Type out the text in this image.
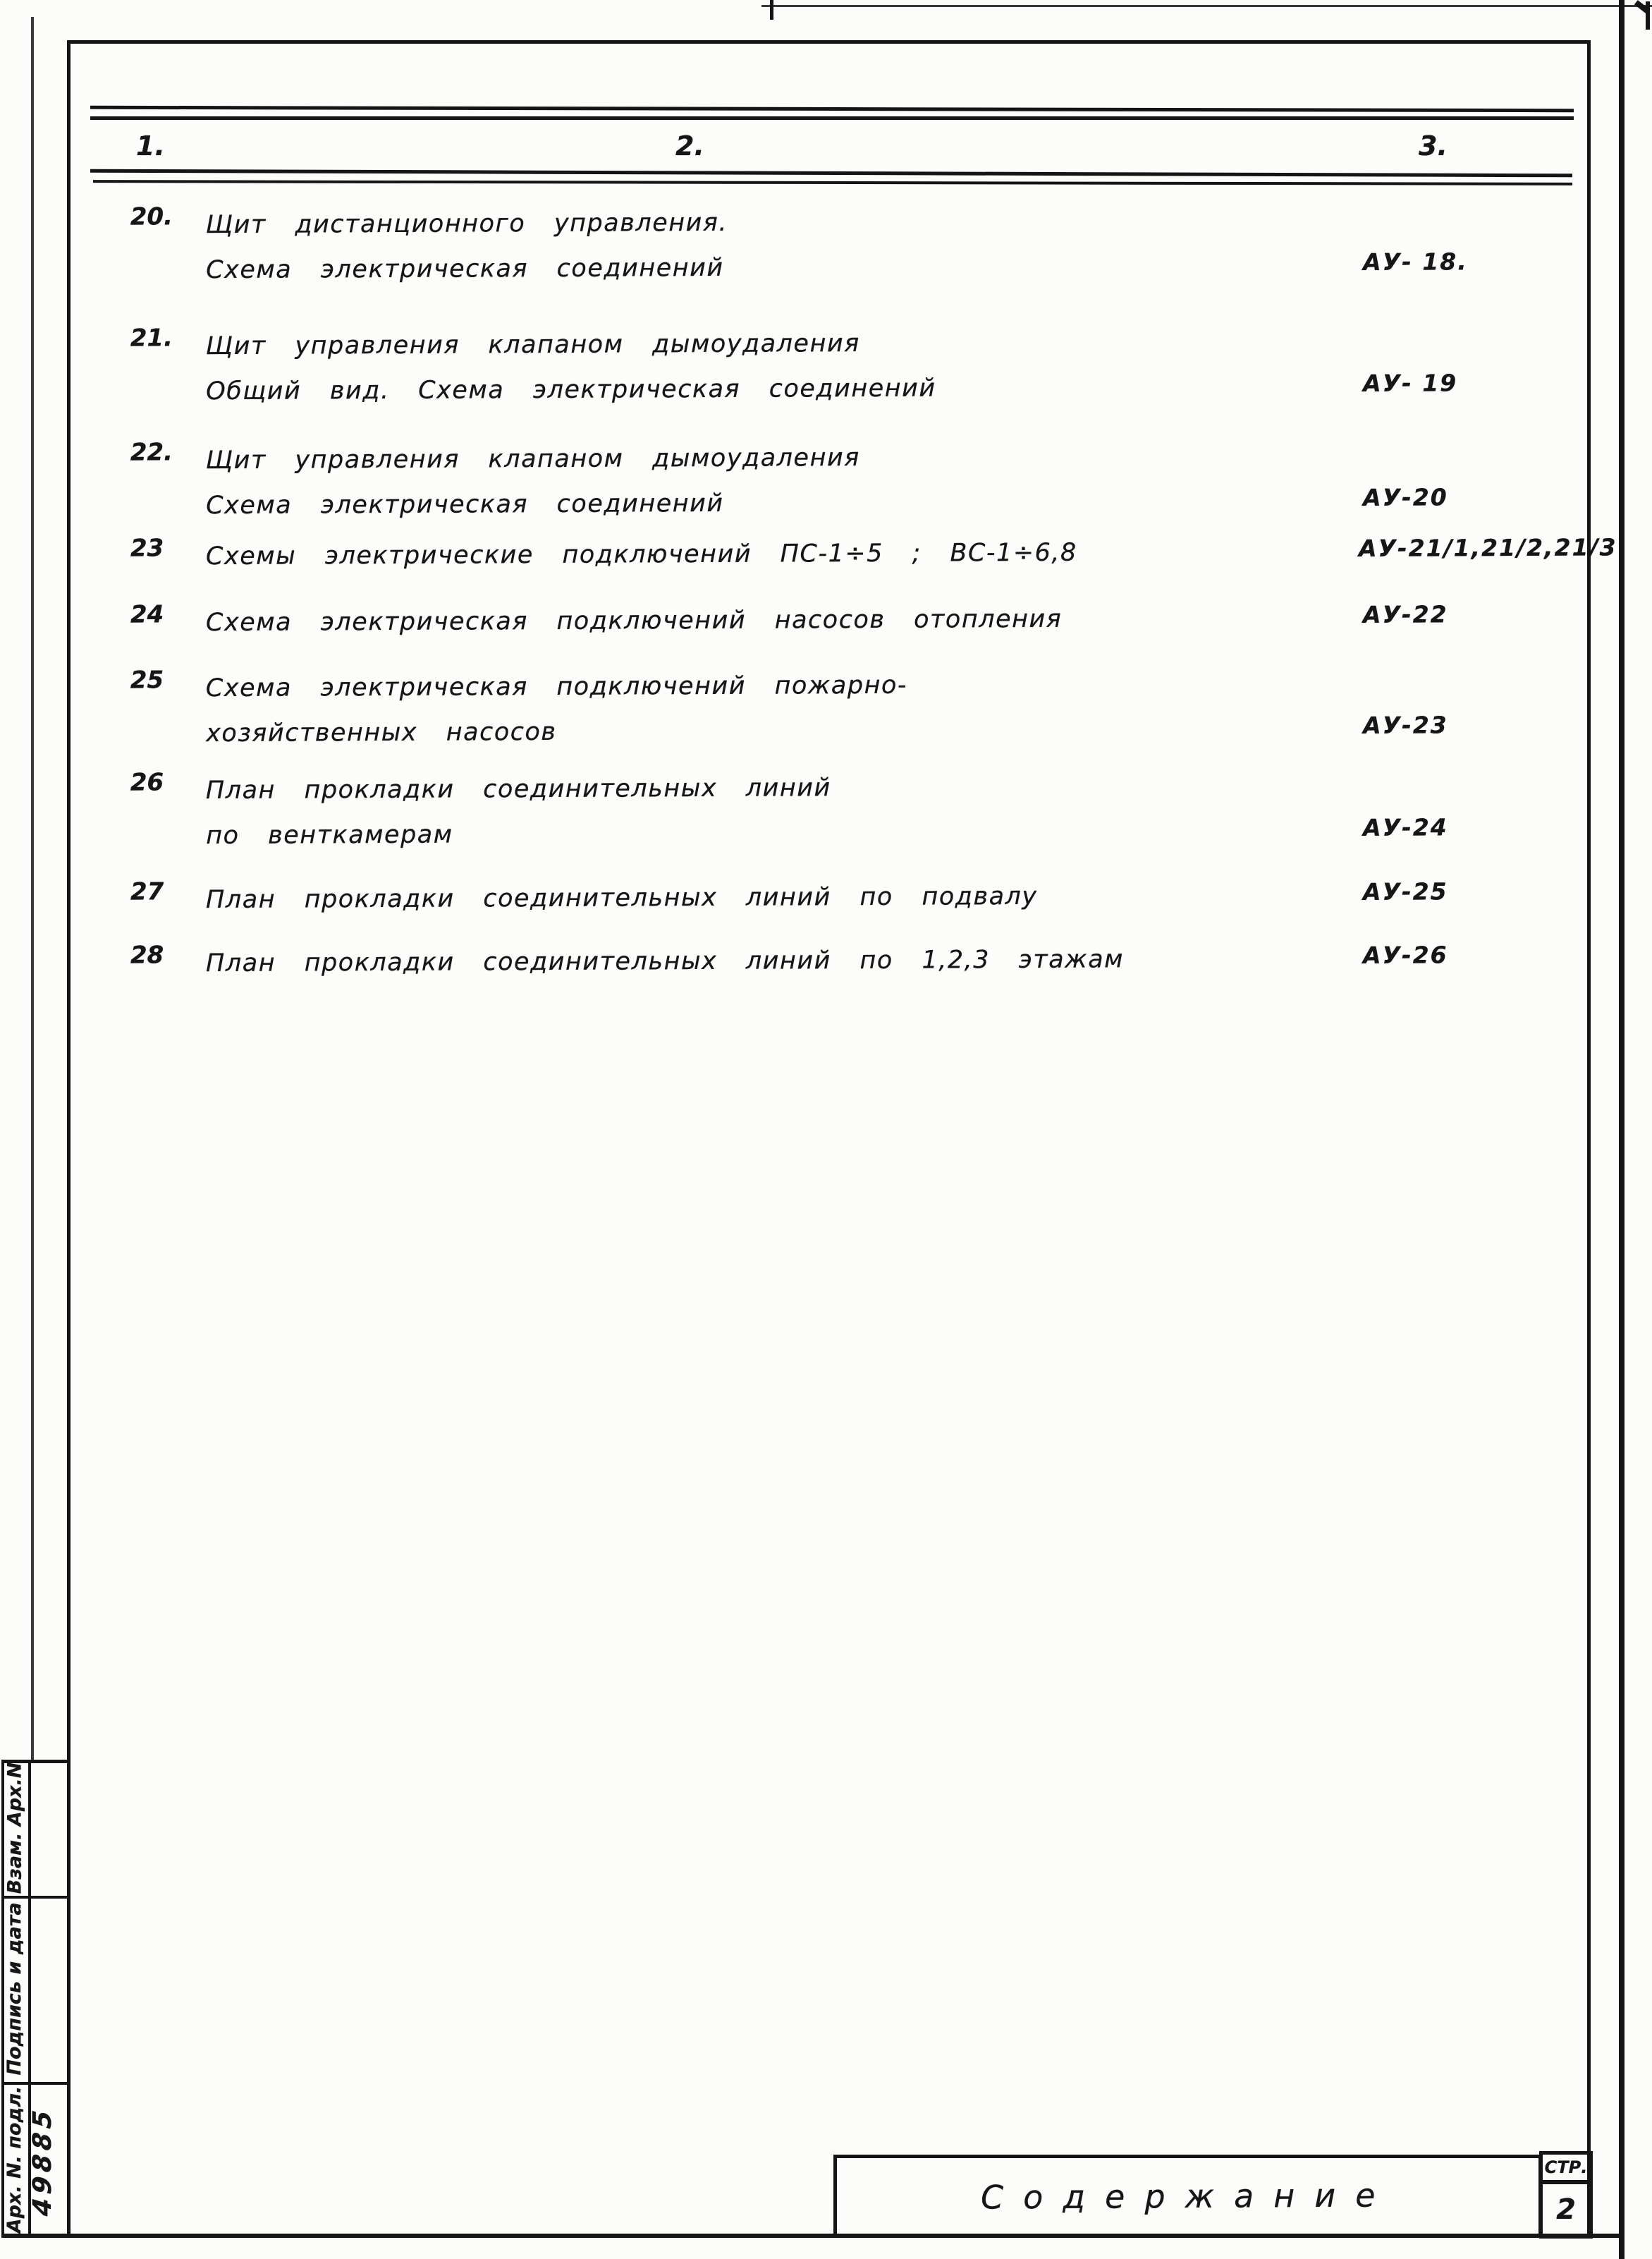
1.	2.	3.
20. Щит дистанционного управления.
Схема электрическая соединений	АУ- 18.
21. Щит управления клапаном дымоудаления
Общий вид. Схема электрическая соединений	АУ- 19
22. Щит управления клапаном дымоудаления
Схема электрическая соединений	АУ-20
23 Схемы электрические подключений ПС-1÷5 ; ВС-1÷6,8	АУ-21/1,21/2,21/3
24 Схема электрическая подключений насосов отопления	АУ-22
25 Схема электрическая подключений пожарно-
хозяйственных насосов	АУ-23
26 План прокладки соединительных линий
по венткамерам	АУ-24
27 План прокладки соединительных линий по подвалу	АУ-25
28 План прокладки соединительных линий по 1,2,3 этажам	АУ-26
Взам. Арх.N
Подпись и дата
Арх. N. подл. 49885	Содержание
СТР.
2
